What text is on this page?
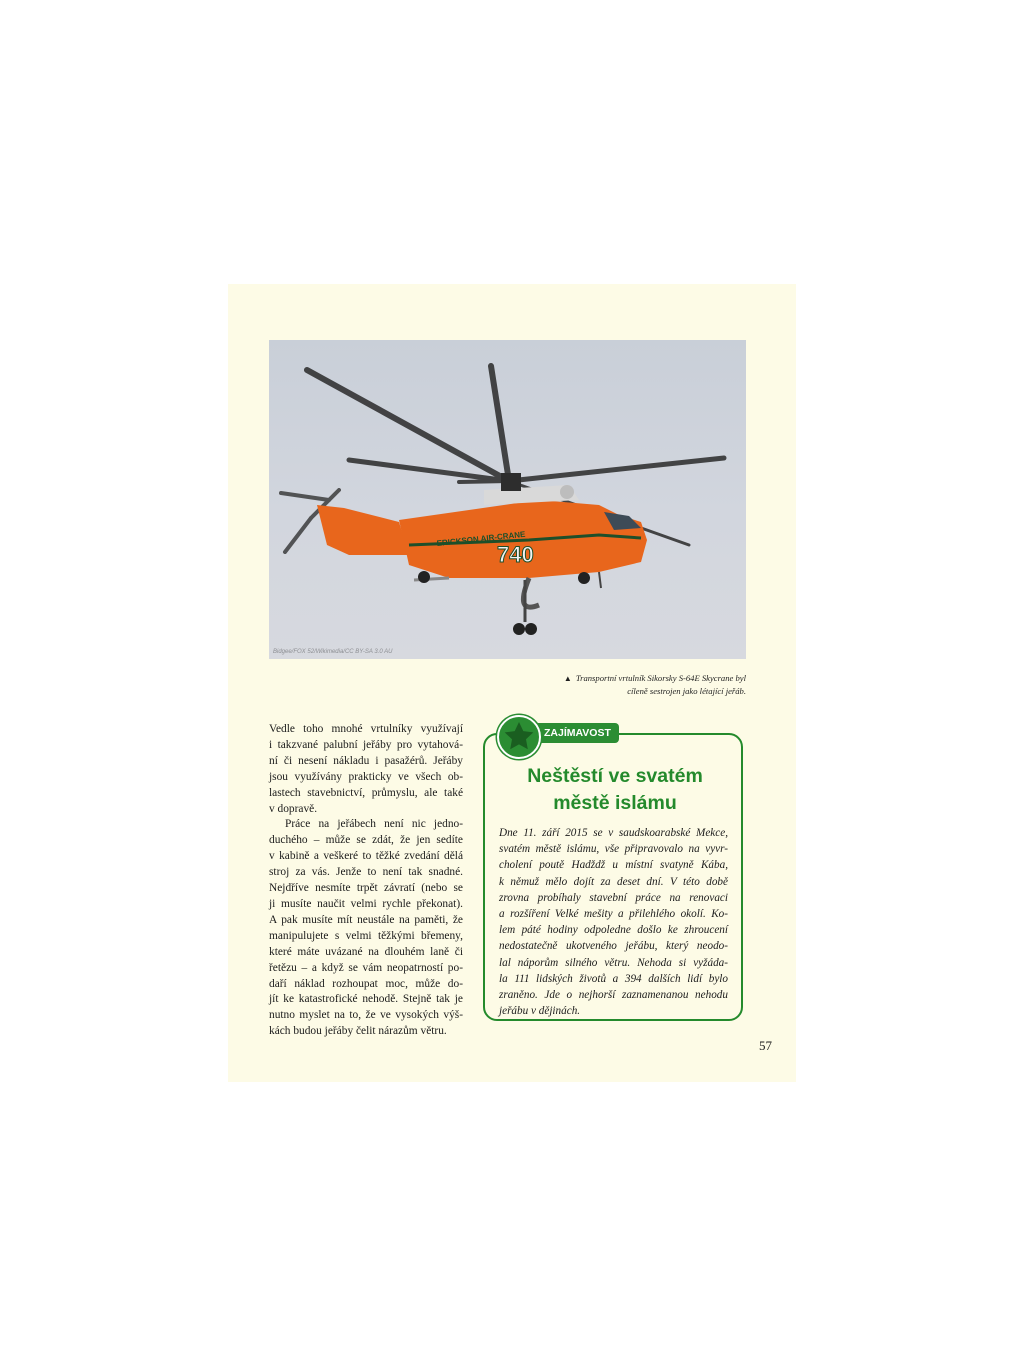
740
ERICKSON AIR-CRANE
Bidgee/FOX 52/Wikimedia/CC BY-SA 3.0 AU
▲ Transportní vrtulník Sikorsky S-64E Skycrane byl
cíleně sestrojen jako létající jeřáb.
Vedle toho mnohé vrtulníky využívají
i takzvané palubní jeřáby pro vytahová-
ní či nesení nákladu i pasažérů. Jeřáby
jsou využívány prakticky ve všech ob-
lastech stavebnictví, průmyslu, ale také
v dopravě.
Práce na jeřábech není nic jedno-
duchého – může se zdát, že jen sedíte
v kabině a veškeré to těžké zvedání dělá
stroj za vás. Jenže to není tak snadné.
Nejdříve nesmíte trpět závratí (nebo se
ji musíte naučit velmi rychle překonat).
A pak musíte mít neustále na paměti, že
manipulujete s velmi těžkými břemeny,
které máte uvázané na dlouhém laně či
řetězu – a když se vám neopatrností po-
daří náklad rozhoupat moc, může do-
jít ke katastrofické nehodě. Stejně tak je
nutno myslet na to, že ve vysokých výš-
kách budou jeřáby čelit nárazům větru.
ZAJÍMAVOST
Neštěstí ve svatém
městě islámu
Dne 11. září 2015 se v saudskoarabské Mekce,
svatém městě islámu, vše připravovalo na vyvr-
cholení poutě Hadždž u místní svatyně Kába,
k němuž mělo dojít za deset dní. V této době
zrovna probíhaly stavební práce na renovaci
a rozšíření Velké mešity a přilehlého okolí. Ko-
lem páté hodiny odpoledne došlo ke zhroucení
nedostatečně ukotveného jeřábu, který neodo-
lal náporům silného větru. Nehoda si vyžáda-
la 111 lidských životů a 394 dalších lidí bylo
zraněno. Jde o nejhorší zaznamenanou nehodu
jeřábu v dějinách.
57
